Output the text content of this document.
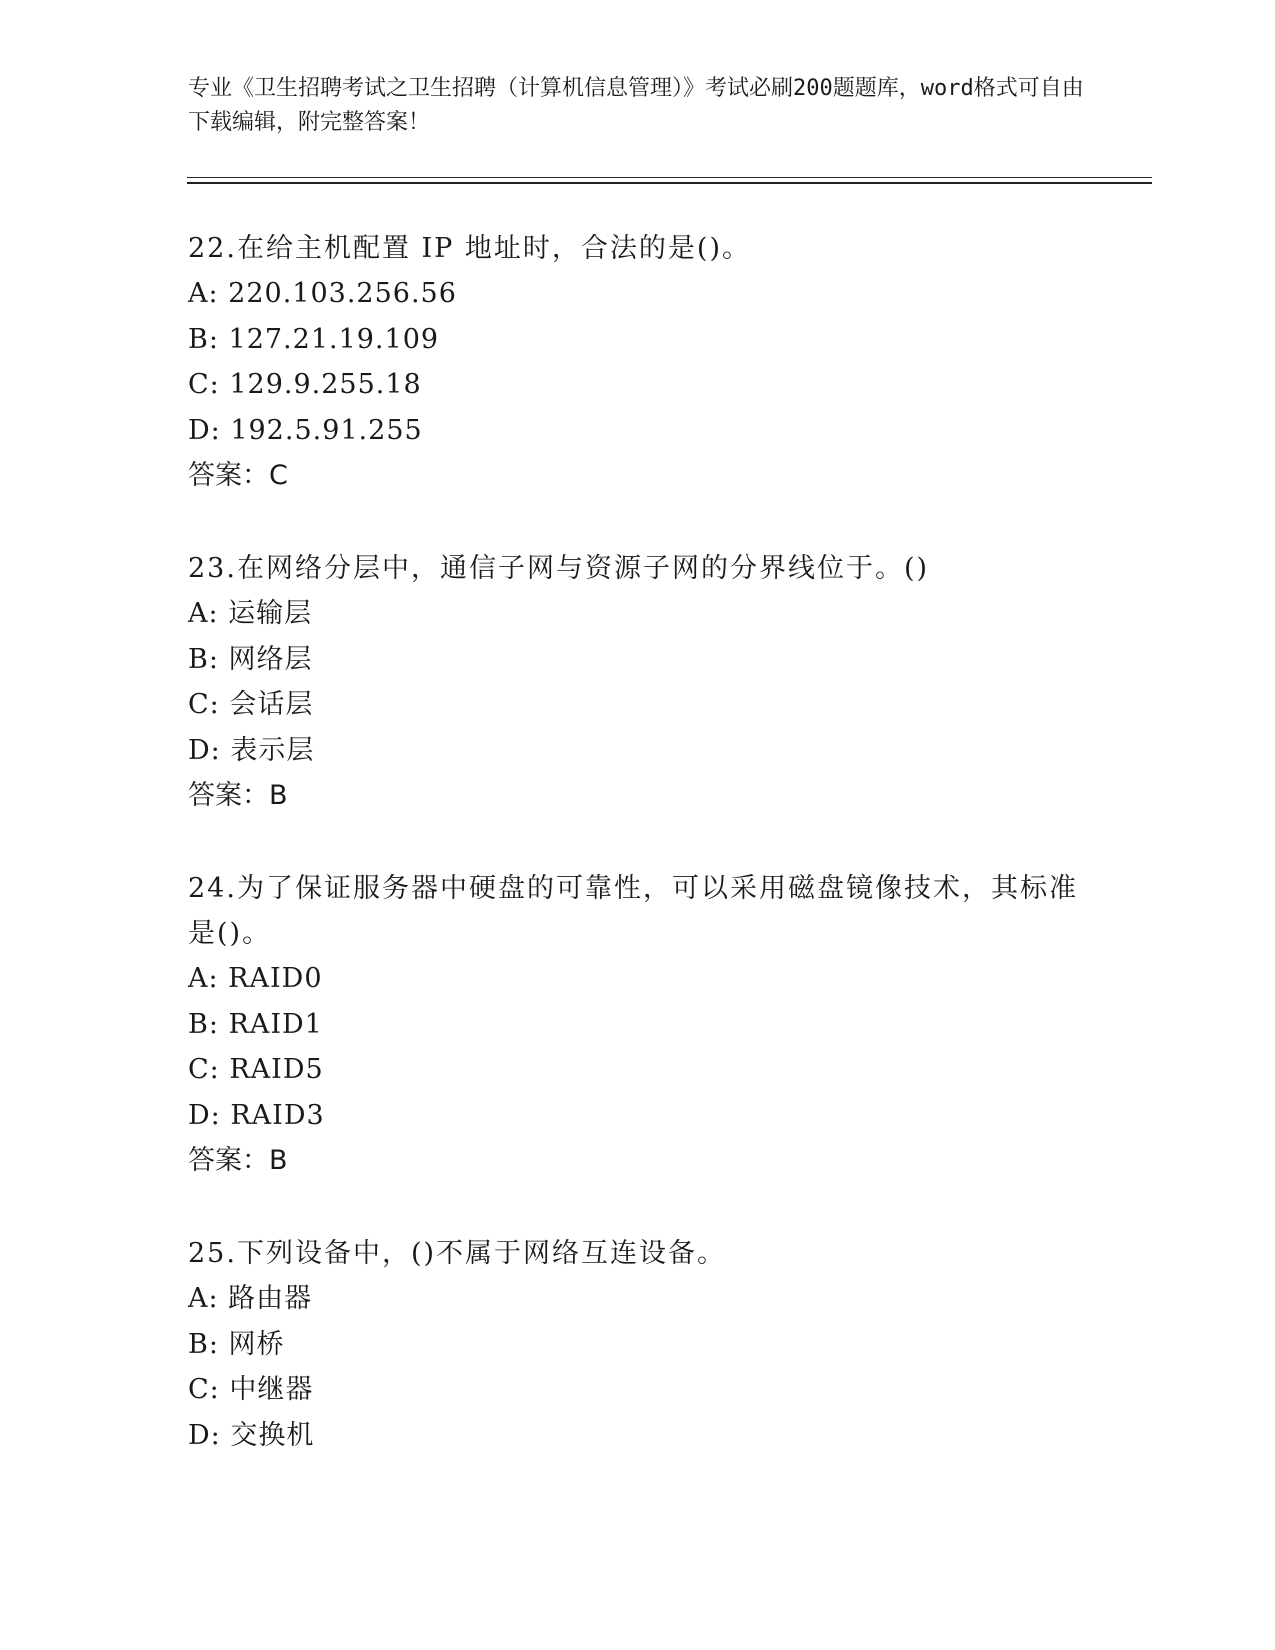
专业《卫生招聘考试之卫生招聘（计算机信息管理）》考试必刷200题题库，word格式可自由下载编辑，附完整答案！

22.在给主机配置 IP 地址时，合法的是()。

A: 220.103.256.56

B: 127.21.19.109

C: 129.9.255.18

D: 192.5.91.255

答案：C

23.在网络分层中，通信子网与资源子网的分界线位于。()

A: 运输层

B: 网络层

C: 会话层

D: 表示层

答案：B

24.为了保证服务器中硬盘的可靠性，可以采用磁盘镜像技术，其标准是()。

A: RAID0

B: RAID1

C: RAID5

D: RAID3

答案：B

25.下列设备中，()不属于网络互连设备。

A: 路由器

B: 网桥

C: 中继器

D: 交换机
